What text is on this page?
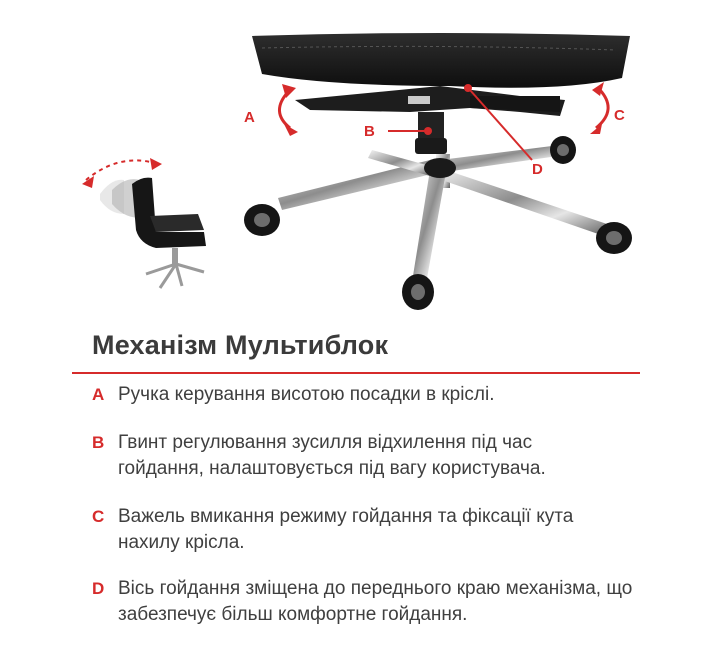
A
B
C
D
Механізм Мультиблок
A Ручка керування висотою посадки в кріслі.
B Гвинт регулювання зусилля відхилення під час гойдання, налаштовується під вагу користувача.
C Важель вмикання режиму гойдання та фіксації кута нахилу крісла.
D Вісь гойдання зміщена до переднього краю механізма, що забезпечує більш комфортне гойдання.
